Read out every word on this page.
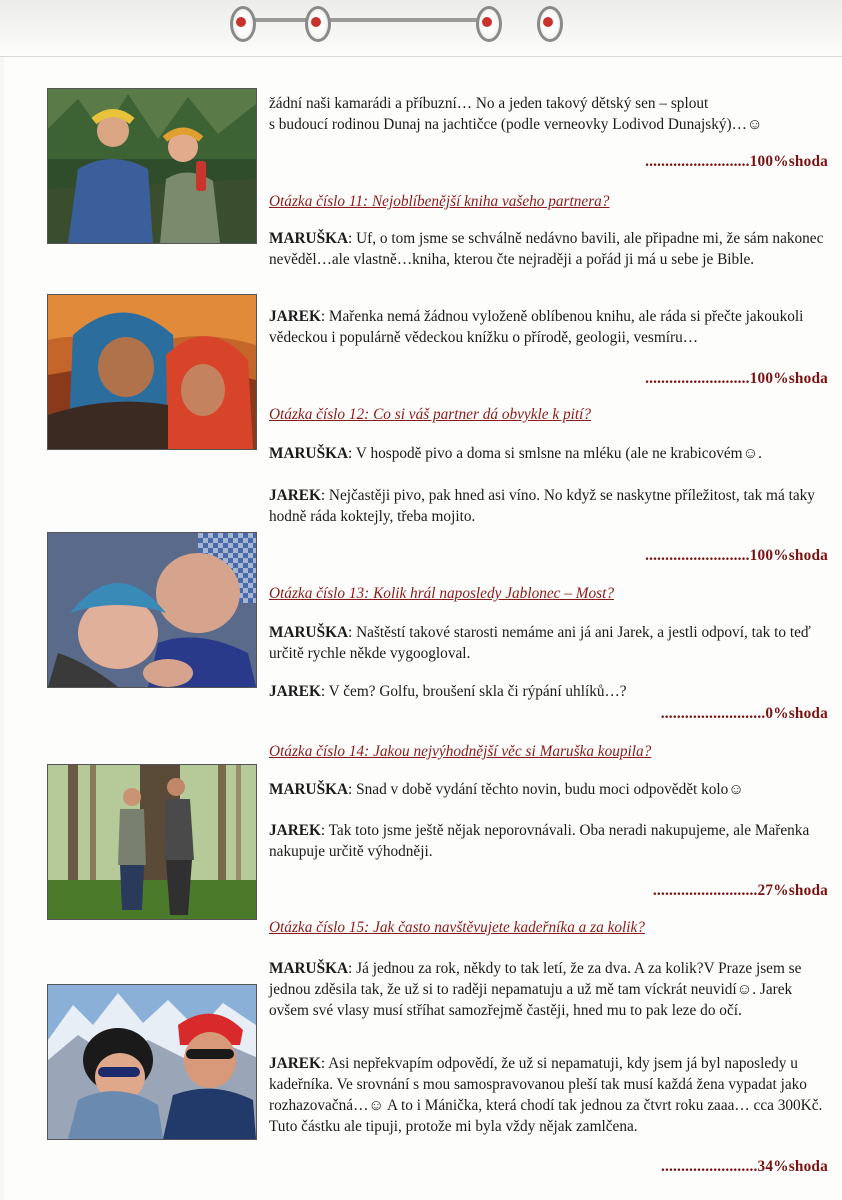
žádní naši kamarádi a příbuzní… No a jeden takový dětský sen – splout

s budoucí rodinou Dunaj na jachtičce (podle verneovky Lodivod Dunajský)…☺

..........................100%shoda
Otázka číslo 11: Nejoblíbenější kniha vašeho partnera?

MARUŠKA: Uf, o tom jsme se schválně nedávno bavili, ale připadne mi, že sám nakonec nevěděl…ale vlastně…kniha, kterou čte nejraději a pořád ji má u sebe je Bible.

JAREK: Mařenka nemá žádnou vyloženě oblíbenou knihu, ale ráda si přečte jakoukoli vědeckou i populárně vědeckou knížku o přírodě, geologii, vesmíru…

..........................100%shoda
Otázka číslo 12: Co si váš partner dá obvykle k pití?

MARUŠKA: V hospodě pivo a doma si smlsne na mléku (ale ne krabicovém☺.

JAREK: Nejčastěji pivo, pak hned asi víno. No když se naskytne příležitost, tak má taky hodně ráda koktejly, třeba mojito.

..........................100%shoda
Otázka číslo 13: Kolik hrál naposledy Jablonec – Most?

MARUŠKA: Naštěstí takové starosti nemáme ani já ani Jarek, a jestli odpoví, tak to teď určitě rychle někde vygoogloval.

JAREK: V čem? Golfu, broušení skla či rýpání uhlíků…?

..........................0%shoda
Otázka číslo 14: Jakou nejvýhodnější věc si Maruška koupila?

MARUŠKA: Snad v době vydání těchto novin, budu moci odpovědět kolo☺

JAREK: Tak toto jsme ještě nějak neporovnávali. Oba neradi nakupujeme, ale Mařenka nakupuje určitě výhodněji.

..........................27%shoda
Otázka číslo 15: Jak často navštěvujete kadeřníka a za kolik?

MARUŠKA: Já jednou za rok, někdy to tak letí, že za dva. A za kolik?V Praze jsem se jednou zděsila tak, že už si to raději nepamatuju a už mě tam víckrát neuvidí☺. Jarek ovšem své vlasy musí stříhat samozřejmě častěji, hned mu to pak leze do očí.

JAREK: Asi nepřekvapím odpovědí, že už si nepamatuji, kdy jsem já byl naposledy u kadeřníka. Ve srovnání s mou samospravovanou pleší tak musí každá žena vypadat jako rozhazovačná…☺ A to i Mánička, která chodí tak jednou za čtvrt roku zaaa… cca 300Kč. Tuto částku ale tipuji, protože mi byla vždy nějak zamlčena.

........................34%shoda
